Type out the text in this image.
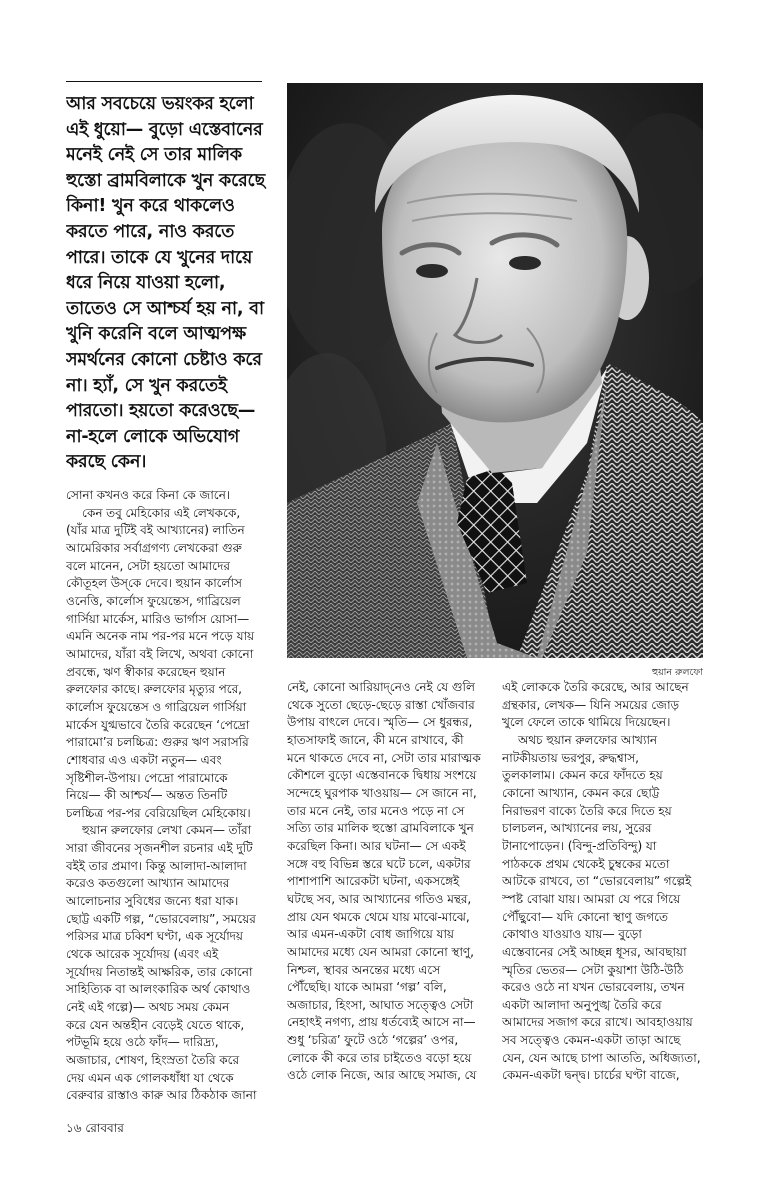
আর সবচেয়ে ভয়ংকর হলো
এই ধুয়ো— বুড়ো এস্তেবানের
মনেই নেই সে তার মালিক
হুস্তো ব্রামবিলাকে খুন করেছে
কিনা! খুন করে থাকলেও
করতে পারে, নাও করতে
পারে। তাকে যে খুনের দায়ে
ধরে নিয়ে যাওয়া হলো,
তাতেও সে আশ্চর্য হয় না, বা
খুনি করেনি বলে আত্মপক্ষ
সমর্থনের কোনো চেষ্টাও করে
না। হ্যাঁ, সে খুন করতেই
পারতো। হয়তো করেওছে—
না-হলে লোকে অভিযোগ
করছে কেন।
হুয়ান রুলফো
সোনা কখনও করে কিনা কে জানে।
কেন তবু মেহিকোর এই লেখককে,
(যাঁর মাত্র দুটিই বই আখ্যানের) লাতিন
আমেরিকার সর্বাগ্রগণ্য লেখকেরা গুরু
বলে মানেন, সেটা হয়তো আমাদের
কৌতূহল উস্‌কে দেবে। হুয়ান কার্লোস
ওনেত্তি, কার্লোস ফুয়েন্তেস, গাব্রিয়েল
গার্সিয়া মার্কেস, মারিও ভার্গাস য়োসা—
এমনি অনেক নাম পর-পর মনে পড়ে যায়
আমাদের, যাঁরা বই লিখে, অথবা কোনো
প্রবন্ধে, ঋণ স্বীকার করেছেন হুয়ান
রুলফোর কাছে। রুলফোর মৃত্যুর পরে,
কার্লোস ফুয়েন্তেস ও গাব্রিয়েল গার্সিয়া
মার্কেস যুগ্মভাবে তৈরি করেছেন ‘পেদ্রো
পারামো’র চলচ্চিত্র: গুরুর ঋণ সরাসরি
শোধবার এও একটা নতুন— এবং
সৃষ্টিশীল-উপায়। পেদ্রো পারামোকে
নিয়ে— কী আশ্চর্য— অন্তত তিনটি
চলচ্চিত্র পর-পর বেরিয়েছিল মেহিকোয়।
হুয়ান রুলফোর লেখা কেমন— তাঁরা
সারা জীবনের সৃজনশীল রচনার এই দুটি
বইই তার প্রমাণ। কিন্তু আলাদা-আলাদা
করেও কতগুলো আখ্যান আমাদের
আলোচনার সুবিধের জন্যে ধরা যাক।
ছোট্ট একটি গল্প, “ভোরবেলায়”, সময়ের
পরিসর মাত্র চব্বিশ ঘণ্টা, এক সূর্যোদয়
থেকে আরেক সূর্যোদয় (এবং এই
সূর্যোদয় নিতান্তই আক্ষরিক, তার কোনো
সাহিত্যিক বা আলংকারিক অর্থ কোথাও
নেই এই গল্পে)— অথচ সময় কেমন
করে যেন অন্তহীন বেড়েই যেতে থাকে,
পটভূমি হয়ে ওঠে ফাঁদ— দারিদ্র্য,
অজাচার, শোষণ, হিংস্রতা তৈরি করে
দেয় এমন এক গোলকধাঁধা যা থেকে
বেরুবার রাস্তাও কারু আর ঠিকঠাক জানা
নেই, কোনো আরিয়াদ্‌নেও নেই যে গুলি
থেকে সুতো ছেড়ে-ছেড়ে রাস্তা খোঁজবার
উপায় বাৎলে দেবে। স্মৃতি— সে ধুরন্ধর,
হাতসাফাই জানে, কী মনে রাখাবে, কী
মনে থাকতে দেবে না, সেটা তার মারাত্মক
কৌশলে বুড়ো এস্তেবানকে দ্বিধায় সংশয়ে
সন্দেহে ঘুরপাক খাওয়ায়— সে জানে না,
তার মনে নেই, তার মনেও পড়ে না সে
সত্যি তার মালিক হুস্তো ব্রামবিলাকে খুন
করেছিল কিনা। আর ঘটনা— সে একই
সঙ্গে বহু বিভিন্ন স্তরে ঘটে চলে, একটার
পাশাপাশি আরেকটা ঘটনা, একসঙ্গেই
ঘটছে সব, আর আখ্যানের গতিও মন্থর,
প্রায় যেন থমকে থেমে যায় মাঝে-মাঝে,
আর এমন-একটা বোধ জাগিয়ে যায়
আমাদের মধ্যে যেন আমরা কোনো স্থাণু,
নিশ্চল, স্থাবর অনন্তের মধ্যে এসে
পৌঁছেছি। যাকে আমরা ‘গল্প’ বলি,
অজাচার, হিংসা, আঘাত সত্ত্বেও সেটা
নেহাৎই নগণ্য, প্রায় ধর্তব্যেই আসে না—
শুধু ‘চরিত্র’ ফুটে ওঠে ‘গল্পের’ ওপর,
লোকে কী করে তার চাইতেও বড়ো হয়ে
ওঠে লোক নিজে, আর আছে সমাজ, যে
এই লোককে তৈরি করেছে, আর আছেন
গ্রন্থকার, লেখক— যিনি সময়ের জোড়
খুলে ফেলে তাকে থামিয়ে দিয়েছেন।
অথচ হুয়ান রুলফোর আখ্যান
নাটকীয়তায় ভরপুর, রুদ্ধশ্বাস,
তুলকালাম। কেমন করে ফাঁদতে হয়
কোনো আখ্যান, কেমন করে ছোট্ট
নিরাভরণ বাক্যে তৈরি করে দিতে হয়
চালচলন, আখ্যানের লয়, সুরের
টানাপোড়েন। (বিন্দু-প্রতিবিন্দু) যা
পাঠককে প্রথম থেকেই চুম্বকের মতো
আটকে রাখবে, তা “ভোরবেলায়” গল্পেই
স্পষ্ট বোঝা যায়। আমরা যে পরে গিয়ে
পৌঁছুবো— যদি কোনো স্থাণু জগতে
কোথাও যাওয়াও যায়— বুড়ো
এস্তেবানের সেই আচ্ছন্ন ধূসর, আবছায়া
স্মৃতির ভেতর— সেটা কুয়াশা উঠি-উঠি
করেও ওঠে না যখন ভোরবেলায়, তখন
একটা আলাদা অনুপুঙ্খ তৈরি করে
আমাদের সজাগ করে রাখে। আবহাওয়ায়
সব সত্ত্বেও কেমন-একটা তাড়া আছে
যেন, যেন আছে চাপা আততি, অধিজ্যতা,
কেমন-একটা দ্বন্দ্ব। চার্চের ঘণ্টা বাজে,
১৬ রোববার
